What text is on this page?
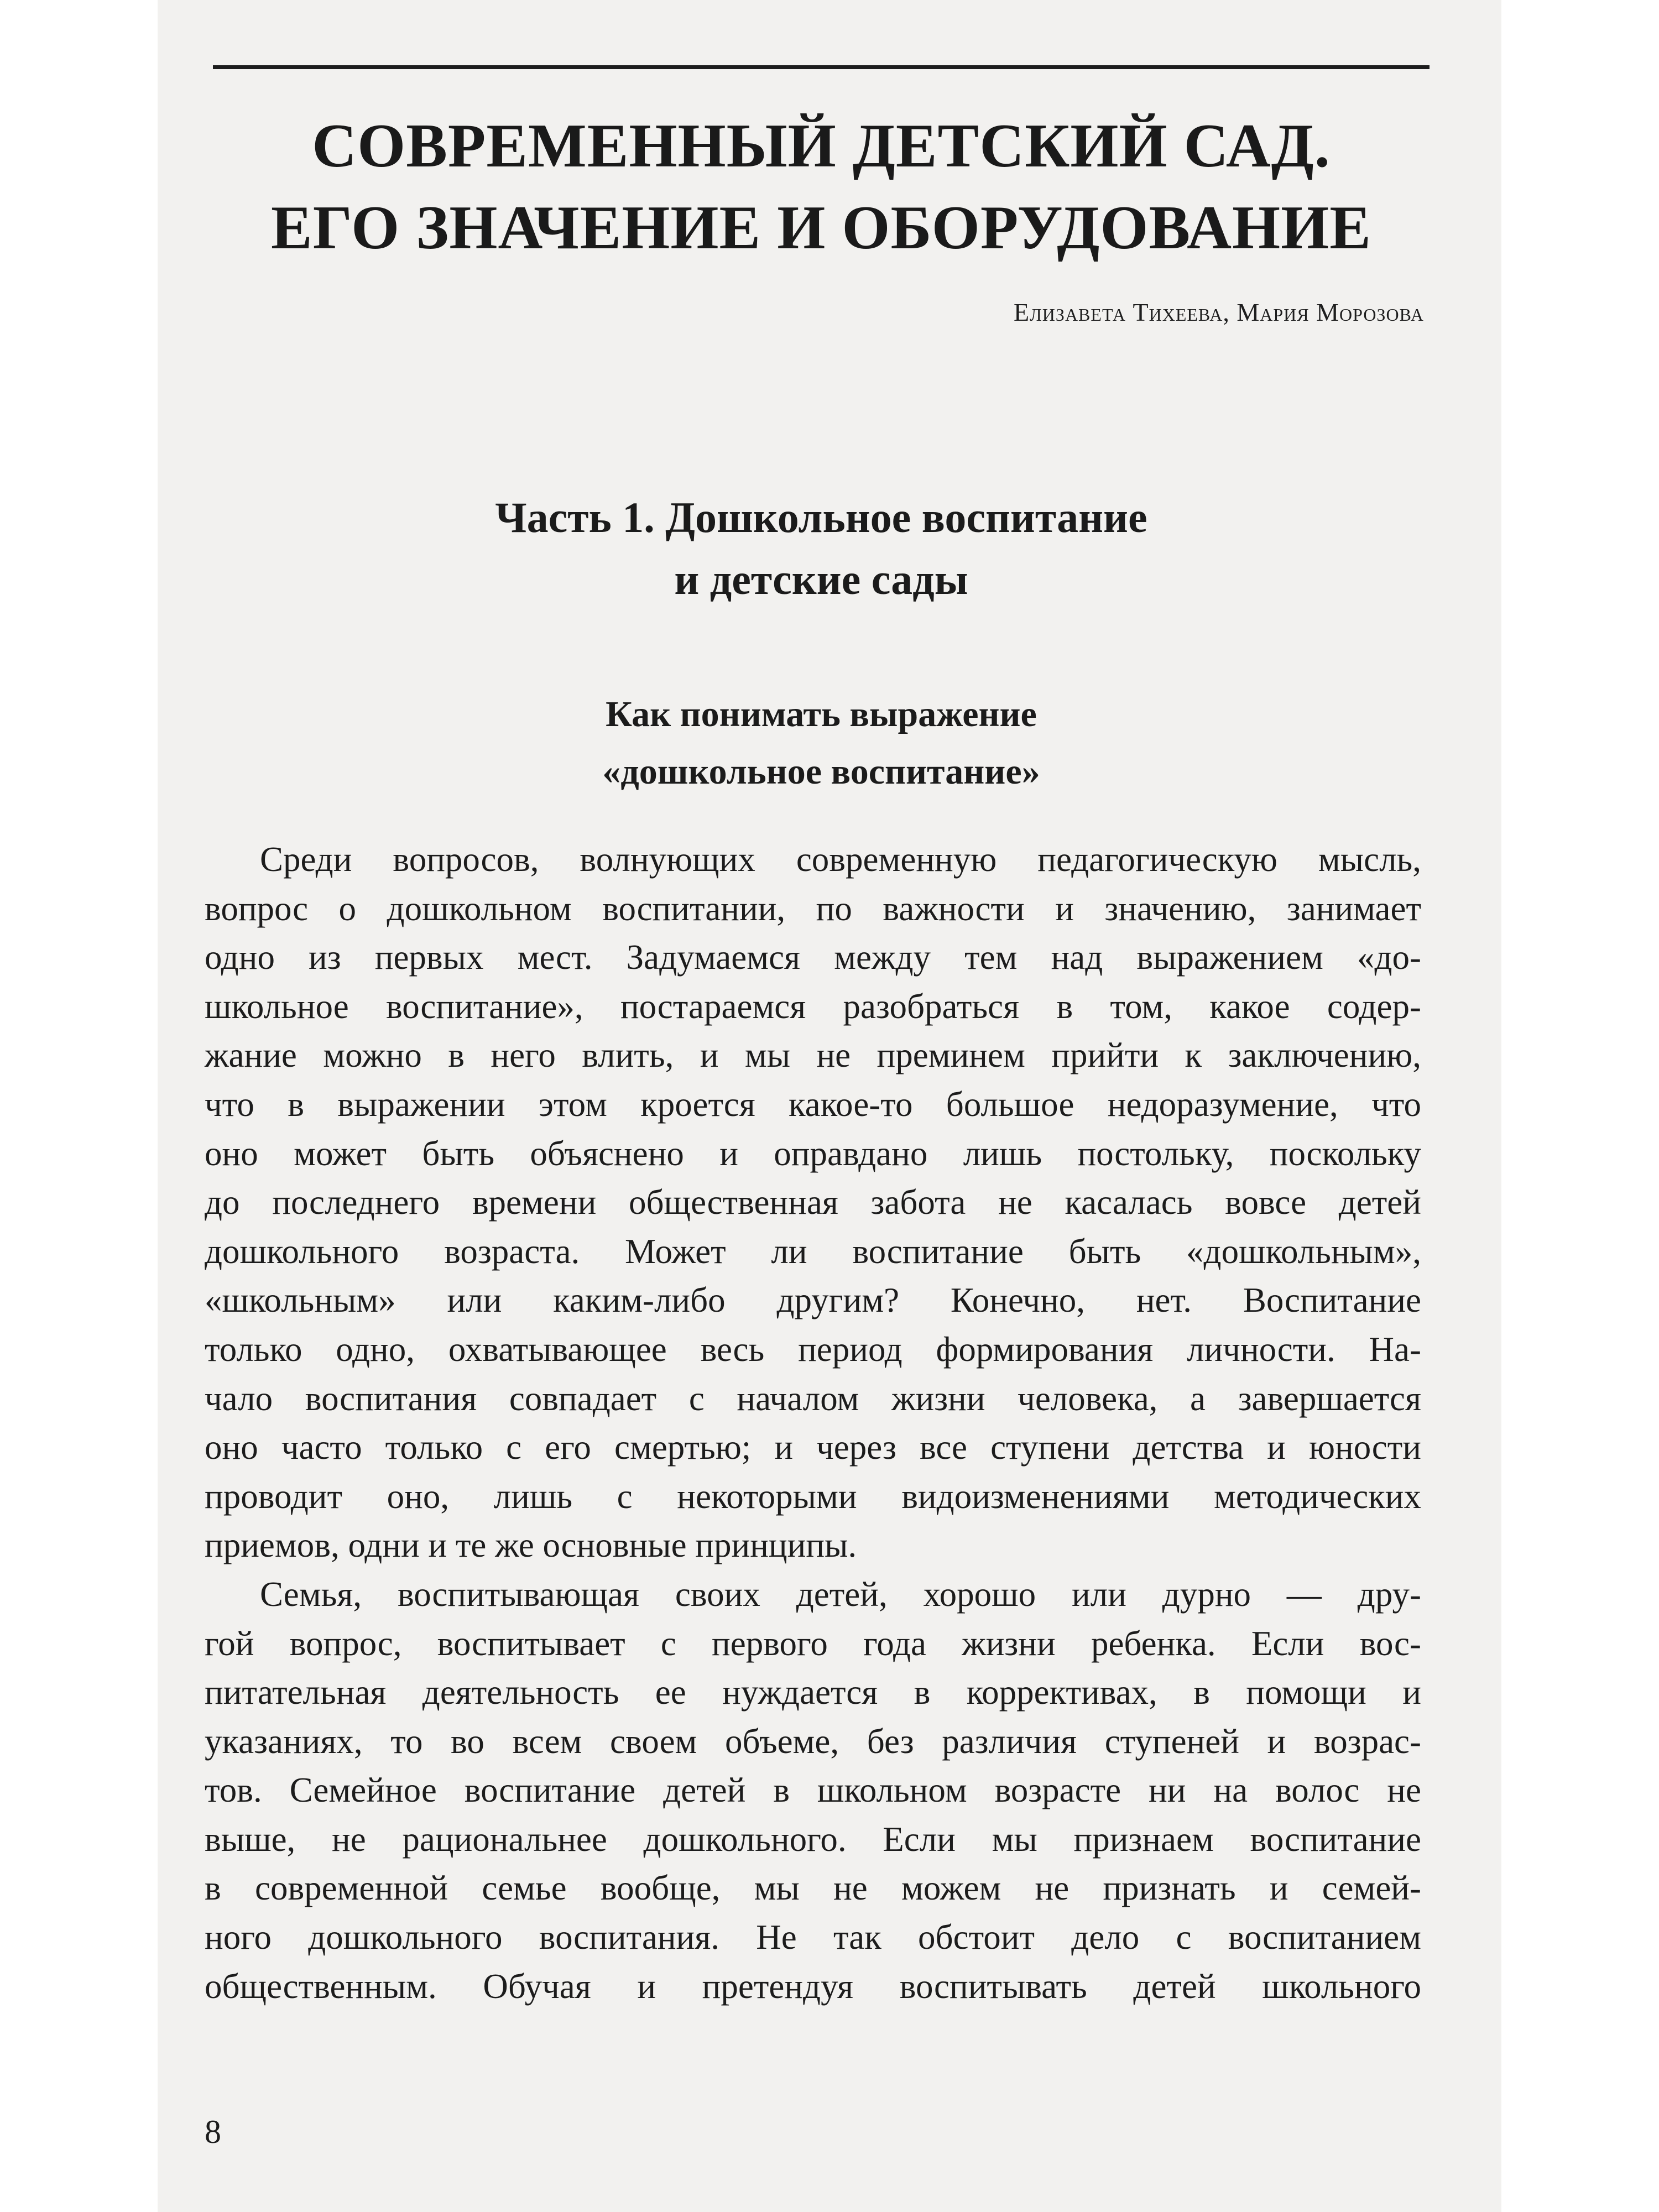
СОВРЕМЕННЫЙ ДЕТСКИЙ САД.
ЕГО ЗНАЧЕНИЕ И ОБОРУДОВАНИЕ

Елизавета Тихеева, Мария Морозова

Часть 1. Дошкольное воспитание
и детские сады
Как понимать выражение
«дошкольное воспитание»

Среди вопросов, волнующих современную педагогическую мысль,
вопрос о дошкольном воспитании, по важности и значению, занимает
одно из первых мест. Задумаемся между тем над выражением «до-
школьное воспитание», постараемся разобраться в том, какое содер-
жание можно в него влить, и мы не преминем прийти к заключению,
что в выражении этом кроется какое-то большое недоразумение, что
оно может быть объяснено и оправдано лишь постольку, поскольку
до последнего времени общественная забота не касалась вовсе детей
дошкольного возраста. Может ли воспитание быть «дошкольным»,
«школьным» или каким-либо другим? Конечно, нет. Воспитание
только одно, охватывающее весь период формирования личности. На-
чало воспитания совпадает с началом жизни человека, а завершается
оно часто только с его смертью; и через все ступени детства и юности
проводит оно, лишь с некоторыми видоизменениями методических
приемов, одни и те же основные принципы.

Семья, воспитывающая своих детей, хорошо или дурно — дру-
гой вопрос, воспитывает с первого года жизни ребенка. Если вос-
питательная деятельность ее нуждается в коррективах, в помощи и
указаниях, то во всем своем объеме, без различия ступеней и возрас-
тов. Семейное воспитание детей в школьном возрасте ни на волос не
выше, не рациональнее дошкольного. Если мы признаем воспитание
в современной семье вообще, мы не можем не признать и семей-
ного дошкольного воспитания. Не так обстоит дело с воспитанием
общественным. Обучая и претендуя воспитывать детей школьного

8
